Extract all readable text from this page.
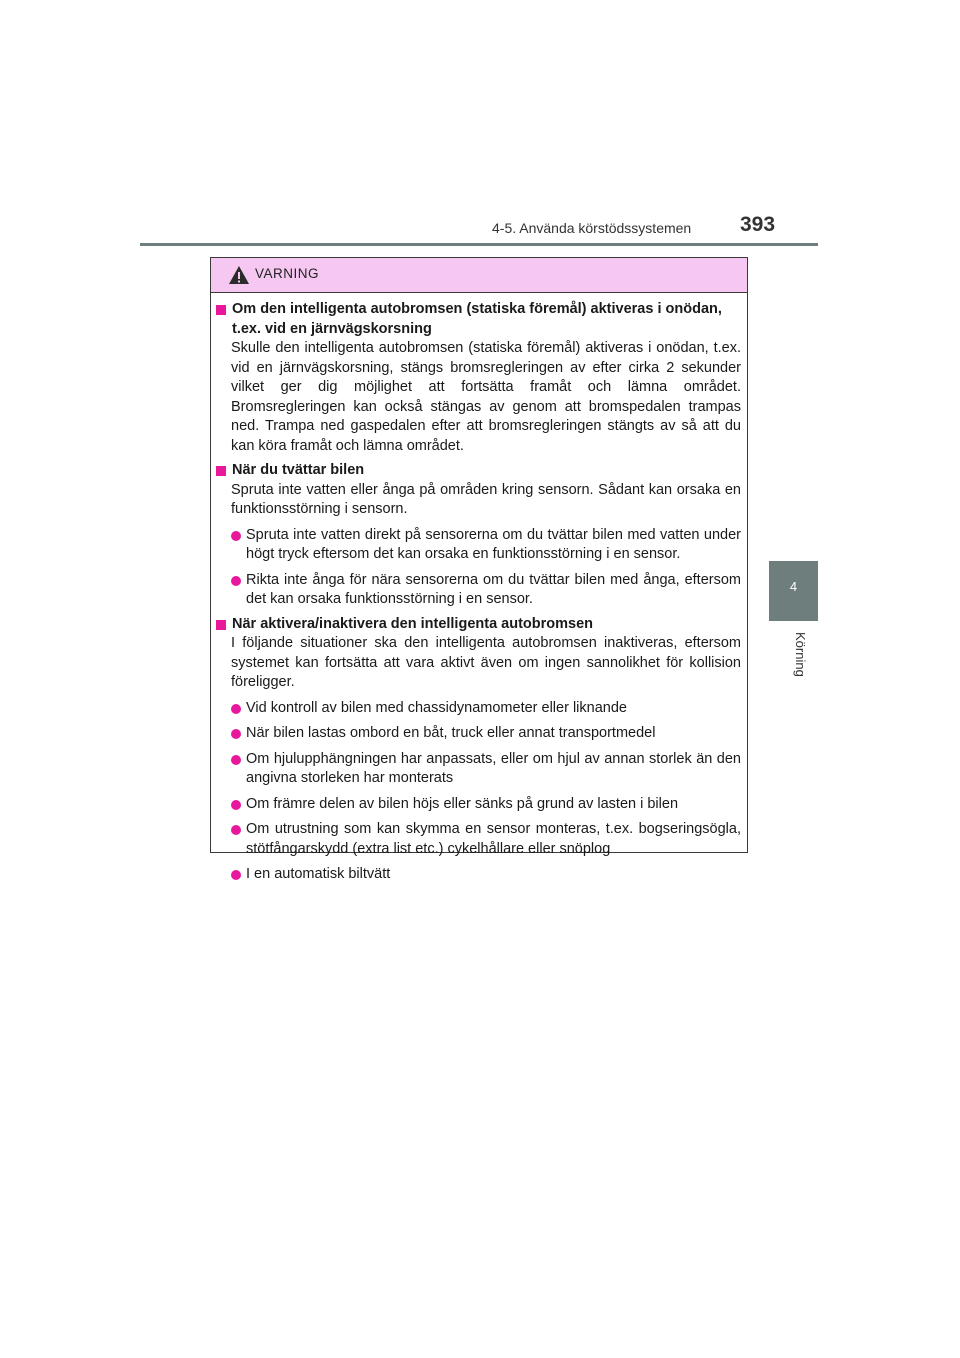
4-5. Använda körstödssystemen 393
4
Körning
VARNING
Om den intelligenta autobromsen (statiska föremål) aktiveras i onödan, t.ex. vid en järnvägskorsning
Skulle den intelligenta autobromsen (statiska föremål) aktiveras i onödan, t.ex. vid en järnvägskorsning, stängs bromsregleringen av efter cirka 2 sekunder vilket ger dig möjlighet att fortsätta framåt och lämna området. Bromsregleringen kan också stängas av genom att bromspedalen trampas ned. Trampa ned gaspedalen efter att bromsregleringen stängts av så att du kan köra framåt och lämna området.
När du tvättar bilen
Spruta inte vatten eller ånga på områden kring sensorn. Sådant kan orsaka en funktionsstörning i sensorn.
Spruta inte vatten direkt på sensorerna om du tvättar bilen med vatten under högt tryck eftersom det kan orsaka en funktionsstörning i en sensor.
Rikta inte ånga för nära sensorerna om du tvättar bilen med ånga, eftersom det kan orsaka funktionsstörning i en sensor.
När aktivera/inaktivera den intelligenta autobromsen
I följande situationer ska den intelligenta autobromsen inaktiveras, eftersom systemet kan fortsätta att vara aktivt även om ingen sannolikhet för kollision föreligger.
Vid kontroll av bilen med chassidynamometer eller liknande
När bilen lastas ombord en båt, truck eller annat transportmedel
Om hjulupphängningen har anpassats, eller om hjul av annan storlek än den angivna storleken har monterats
Om främre delen av bilen höjs eller sänks på grund av lasten i bilen
Om utrustning som kan skymma en sensor monteras, t.ex. bogseringsögla, stötfångarskydd (extra list etc.) cykelhållare eller snöplog
I en automatisk biltvätt
